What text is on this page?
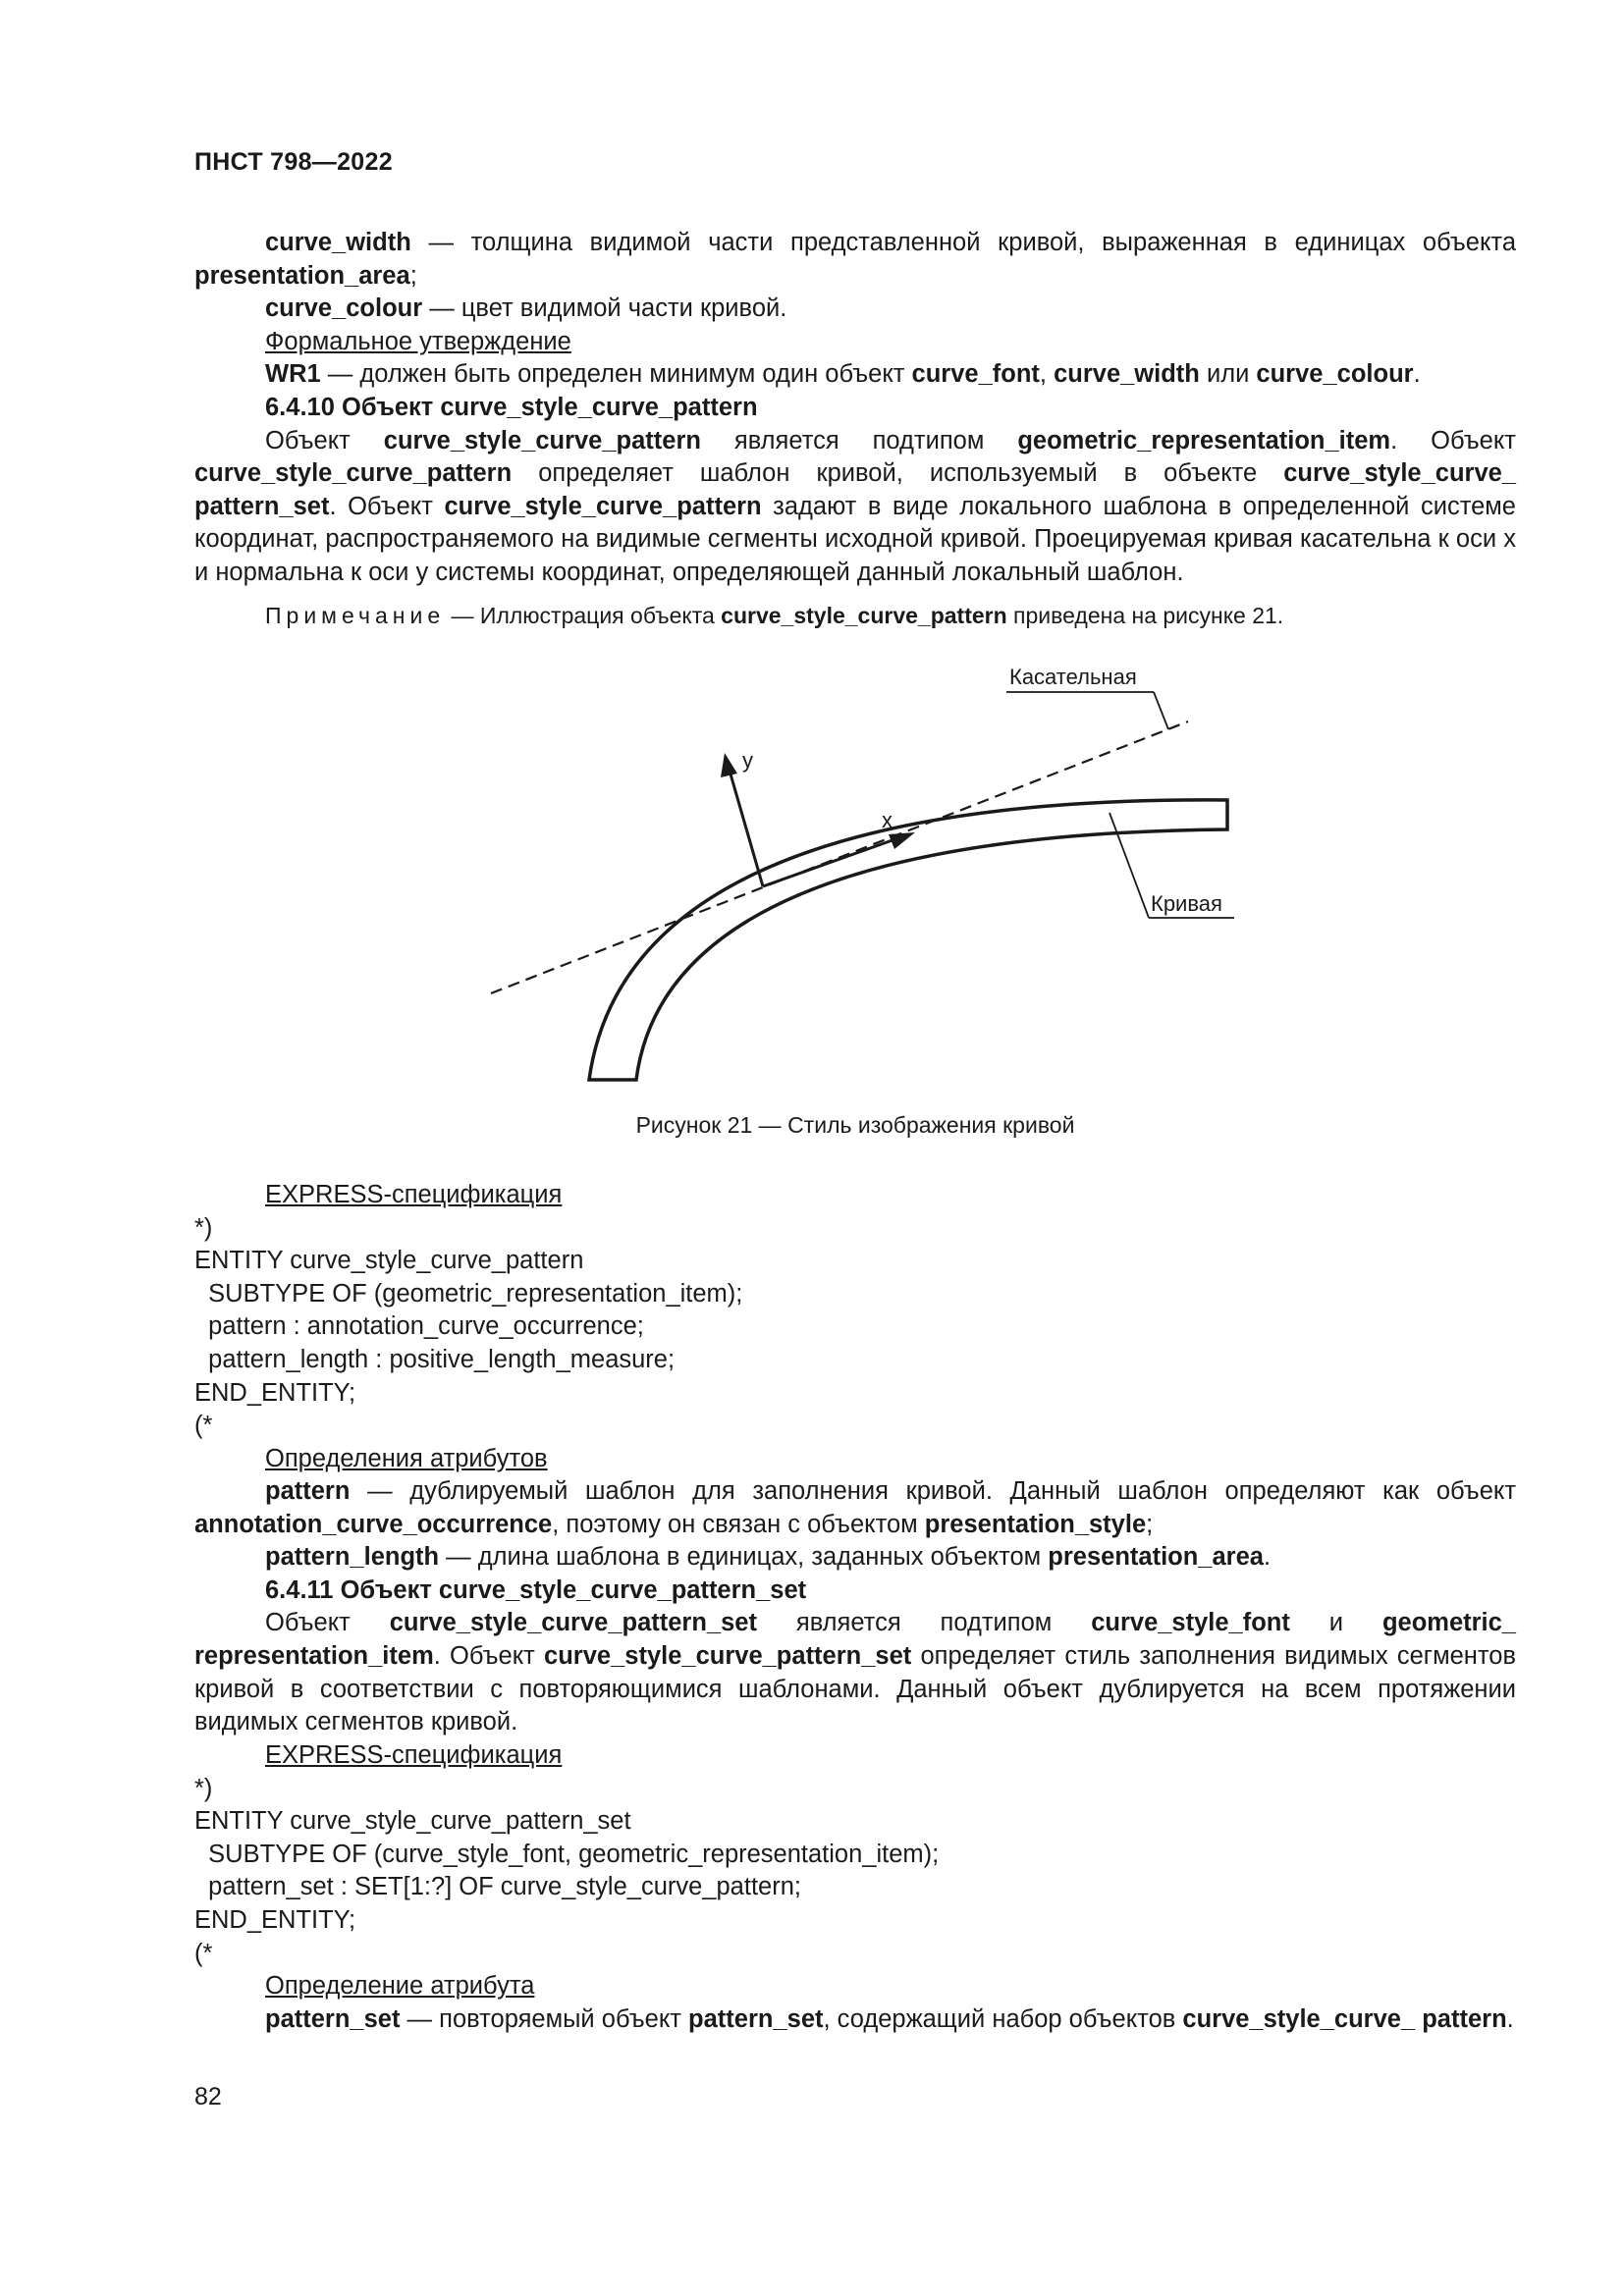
ПНСТ 798—2022

curve_width — толщина видимой части представленной кривой, выраженная в единицах объекта presentation_area;

curve_colour — цвет видимой части кривой.

Формальное утверждение

WR1 — должен быть определен минимум один объект curve_font, curve_width или curve_colour.

6.4.10 Объект curve_style_curve_pattern

Объект curve_style_curve_pattern является подтипом geometric_representation_item. Объект curve_style_curve_pattern определяет шаблон кривой, используемый в объекте curve_style_curve_ pattern_set. Объект curve_style_curve_pattern задают в виде локального шаблона в определенной системе координат, распространяемого на видимые сегменты исходной кривой. Проецируемая кривая касательна к оси x и нормальна к оси y системы координат, определяющей данный локальный шаблон.

Примечание — Иллюстрация объекта curve_style_curve_pattern приведена на рисунке 21.

Касательная
y
x
Кривая
Рисунок 21 — Стиль изображения кривой

EXPRESS-спецификация

*)

ENTITY curve_style_curve_pattern

SUBTYPE OF (geometric_representation_item);

pattern : annotation_curve_occurrence;

pattern_length : positive_length_measure;

END_ENTITY;

(*

Определения атрибутов

pattern — дублируемый шаблон для заполнения кривой. Данный шаблон определяют как объект annotation_curve_occurrence, поэтому он связан с объектом presentation_style;

pattern_length — длина шаблона в единицах, заданных объектом presentation_area.

6.4.11 Объект curve_style_curve_pattern_set

Объект curve_style_curve_pattern_set является подтипом curve_style_font и geometric_ representation_item. Объект curve_style_curve_pattern_set определяет стиль заполнения видимых сегментов кривой в соответствии с повторяющимися шаблонами. Данный объект дублируется на всем протяжении видимых сегментов кривой.

EXPRESS-спецификация

*)

ENTITY curve_style_curve_pattern_set

SUBTYPE OF (curve_style_font, geometric_representation_item);

pattern_set : SET[1:?] OF curve_style_curve_pattern;

END_ENTITY;

(*

Определение атрибута

pattern_set — повторяемый объект pattern_set, содержащий набор объектов curve_style_curve_ pattern.

82
